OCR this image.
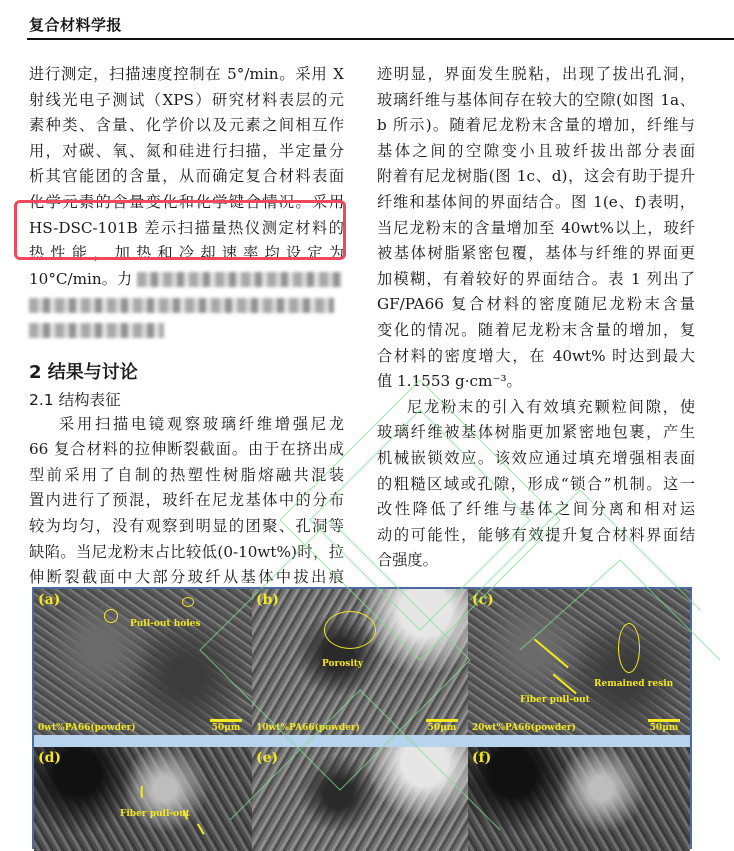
复合材料学报
进行测定，扫描速度控制在 5°/min。采用 X
射线光电子测试（XPS）研究材料表层的元
素种类、含量、化学价以及元素之间相互作
用，对碳、氧、氮和硅进行扫描，半定量分
析其官能团的含量，从而确定复合材料表面
化学元素的含量变化和化学键合情况。采用
HS-DSC-101B 差示扫描量热仪测定材料的
热 性 能 ， 加 热 和 冷 却 速 率 均 设 定 为
10°C/min。力
2 结果与讨论
2.1 结构表征
采用扫描电镜观察玻璃纤维增强尼龙
66 复合材料的拉伸断裂截面。由于在挤出成
型前采用了自制的热塑性树脂熔融共混装
置内进行了预混，玻纤在尼龙基体中的分布
较为均匀，没有观察到明显的团聚、孔洞等
缺陷。当尼龙粉末占比较低(0-10wt%)时，拉
伸断裂截面中大部分玻纤从基体中拔出痕
迹明显，界面发生脱粘，出现了拔出孔洞，
玻璃纤维与基体间存在较大的空隙(如图 1a、
b 所示)。随着尼龙粉末含量的增加，纤维与
基体之间的空隙变小且玻纤拔出部分表面
附着有尼龙树脂(图 1c、d)，这会有助于提升
纤维和基体间的界面结合。图 1(e、f)表明，
当尼龙粉末的含量增加至 40wt%以上，玻纤
被基体树脂紧密包覆，基体与纤维的界面更
加模糊，有着较好的界面结合。表 1 列出了
GF/PA66 复合材料的密度随尼龙粉末含量
变化的情况。随着尼龙粉末含量的增加，复
合材料的密度增大，在 40wt% 时达到最大
值 1.1553 g·cm⁻³。
尼龙粉末的引入有效填充颗粒间隙，使
玻璃纤维被基体树脂更加紧密地包裹，产生
机械嵌锁效应。该效应通过填充增强相表面
的粗糙区域或孔隙，形成“锁合”机制。这一
改性降低了纤维与基体之间分离和相对运
动的可能性，能够有效提升复合材料界面结
合强度。
(a)
Pull-out holes
0wt%PA66(powder)	50μm
(b)
Porosity
10wt%PA66(powder)	50μm
(c)
Remained resin
Fiber pull-out
20wt%PA66(powder)	50μm
(d)
Fiber pull-out
(e)	(f)
